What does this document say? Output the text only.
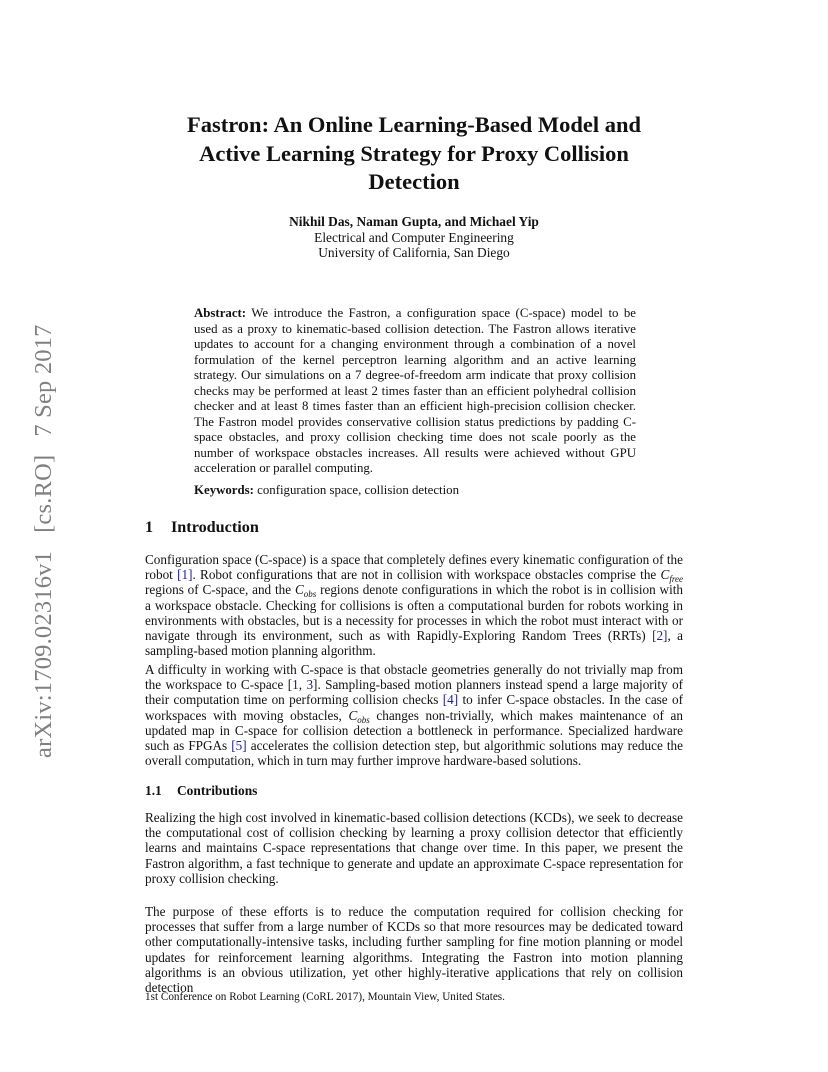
arXiv:1709.02316v1[cs.RO]7 Sep 2017
Fastron: An Online Learning-Based Model and Active Learning Strategy for Proxy Collision Detection
Nikhil Das, Naman Gupta, and Michael Yip
Electrical and Computer Engineering
University of California, San Diego

Abstract: We introduce the Fastron, a configuration space (C-space) model to be used as a proxy to kinematic-based collision detection. The Fastron allows iterative updates to account for a changing environment through a combination of a novel formulation of the kernel perceptron learning algorithm and an active learning strategy. Our simulations on a 7 degree-of-freedom arm indicate that proxy collision checks may be performed at least 2 times faster than an efficient polyhedral collision checker and at least 8 times faster than an efficient high-precision collision checker. The Fastron model provides conservative collision status predictions by padding C-space obstacles, and proxy collision checking time does not scale poorly as the number of workspace obstacles increases. All results were achieved without GPU acceleration or parallel computing.

Keywords: configuration space, collision detection

1 Introduction

Configuration space (C-space) is a space that completely defines every kinematic configuration of the robot [1]. Robot configurations that are not in collision with workspace obstacles comprise the $C_{free}$ regions of C-space, and the $C_{obs}$ regions denote configurations in which the robot is in collision with a workspace obstacle. Checking for collisions is often a computational burden for robots working in environments with obstacles, but is a necessity for processes in which the robot must interact with or navigate through its environment, such as with Rapidly-Exploring Random Trees (RRTs) [2], a sampling-based motion planning algorithm.

A difficulty in working with C-space is that obstacle geometries generally do not trivially map from the workspace to C-space [1, 3]. Sampling-based motion planners instead spend a large majority of their computation time on performing collision checks [4] to infer C-space obstacles. In the case of workspaces with moving obstacles, $C_{obs}$ changes non-trivially, which makes maintenance of an updated map in C-space for collision detection a bottleneck in performance. Specialized hardware such as FPGAs [5] accelerates the collision detection step, but algorithmic solutions may reduce the overall computation, which in turn may further improve hardware-based solutions.

1.1 Contributions

Realizing the high cost involved in kinematic-based collision detections (KCDs), we seek to decrease the computational cost of collision checking by learning a proxy collision detector that efficiently learns and maintains C-space representations that change over time. In this paper, we present the Fastron algorithm, a fast technique to generate and update an approximate C-space representation for proxy collision checking.

The purpose of these efforts is to reduce the computation required for collision checking for processes that suffer from a large number of KCDs so that more resources may be dedicated toward other computationally-intensive tasks, including further sampling for fine motion planning or model updates for reinforcement learning algorithms. Integrating the Fastron into motion planning algorithms is an obvious utilization, yet other highly-iterative applications that rely on collision detection

1st Conference on Robot Learning (CoRL 2017), Mountain View, United States.
